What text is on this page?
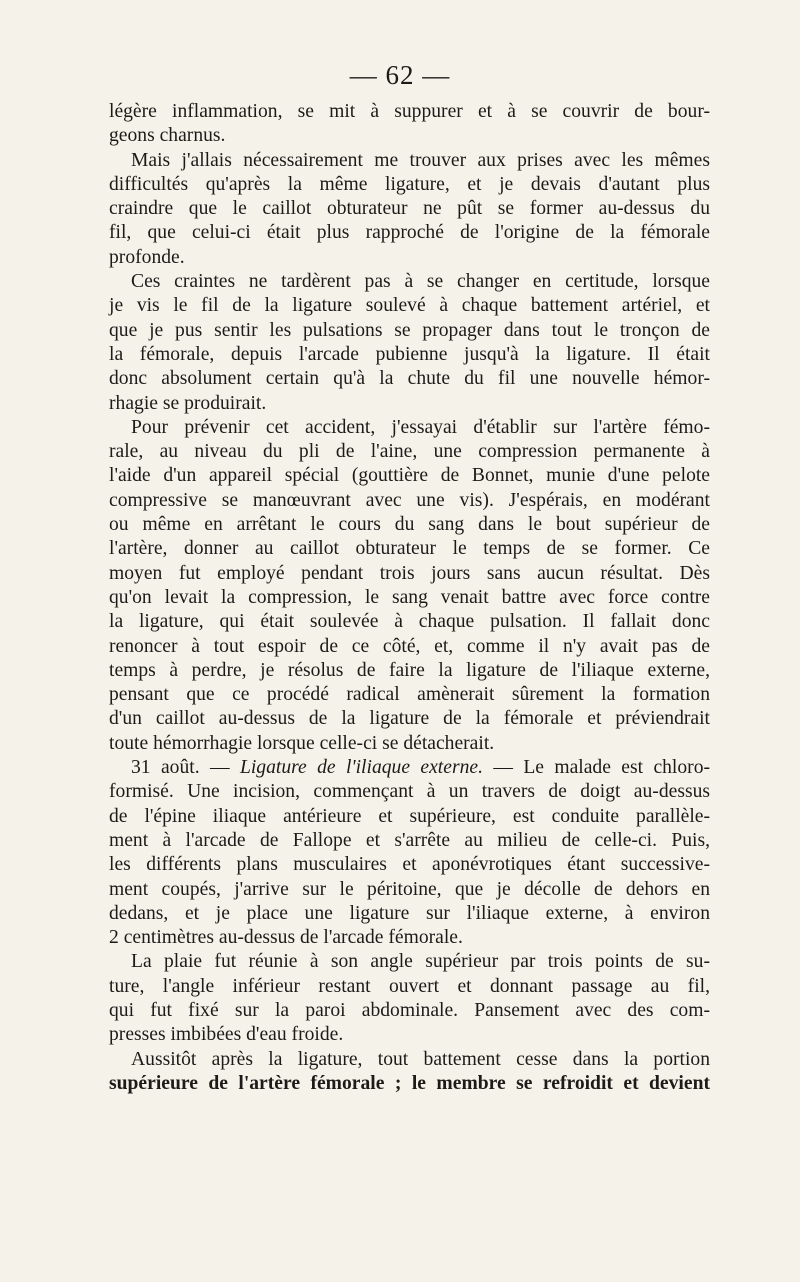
— 62 —
légère inflammation, se mit à suppurer et à se couvrir de bour-
geons charnus.
Mais j'allais nécessairement me trouver aux prises avec les mêmes
difficultés qu'après la même ligature, et je devais d'autant plus
craindre que le caillot obturateur ne pût se former au-dessus du
fil, que celui-ci était plus rapproché de l'origine de la fémorale
profonde.
Ces craintes ne tardèrent pas à se changer en certitude, lorsque
je vis le fil de la ligature soulevé à chaque battement artériel, et
que je pus sentir les pulsations se propager dans tout le tronçon de
la fémorale, depuis l'arcade pubienne jusqu'à la ligature. Il était
donc absolument certain qu'à la chute du fil une nouvelle hémor-
rhagie se produirait.
Pour prévenir cet accident, j'essayai d'établir sur l'artère fémo-
rale, au niveau du pli de l'aine, une compression permanente à
l'aide d'un appareil spécial (gouttière de Bonnet, munie d'une pelote
compressive se manœuvrant avec une vis). J'espérais, en modérant
ou même en arrêtant le cours du sang dans le bout supérieur de
l'artère, donner au caillot obturateur le temps de se former. Ce
moyen fut employé pendant trois jours sans aucun résultat. Dès
qu'on levait la compression, le sang venait battre avec force contre
la ligature, qui était soulevée à chaque pulsation. Il fallait donc
renoncer à tout espoir de ce côté, et, comme il n'y avait pas de
temps à perdre, je résolus de faire la ligature de l'iliaque externe,
pensant que ce procédé radical amènerait sûrement la formation
d'un caillot au-dessus de la ligature de la fémorale et préviendrait
toute hémorrhagie lorsque celle-ci se détacherait.
31 août. — Ligature de l'iliaque externe. — Le malade est chloro-
formisé. Une incision, commençant à un travers de doigt au-dessus
de l'épine iliaque antérieure et supérieure, est conduite parallèle-
ment à l'arcade de Fallope et s'arrête au milieu de celle-ci. Puis,
les différents plans musculaires et aponévrotiques étant successive-
ment coupés, j'arrive sur le péritoine, que je décolle de dehors en
dedans, et je place une ligature sur l'iliaque externe, à environ
2 centimètres au-dessus de l'arcade fémorale.
La plaie fut réunie à son angle supérieur par trois points de su-
ture, l'angle inférieur restant ouvert et donnant passage au fil,
qui fut fixé sur la paroi abdominale. Pansement avec des com-
presses imbibées d'eau froide.
Aussitôt après la ligature, tout battement cesse dans la portion
supérieure de l'artère fémorale ; le membre se refroidit et devient
